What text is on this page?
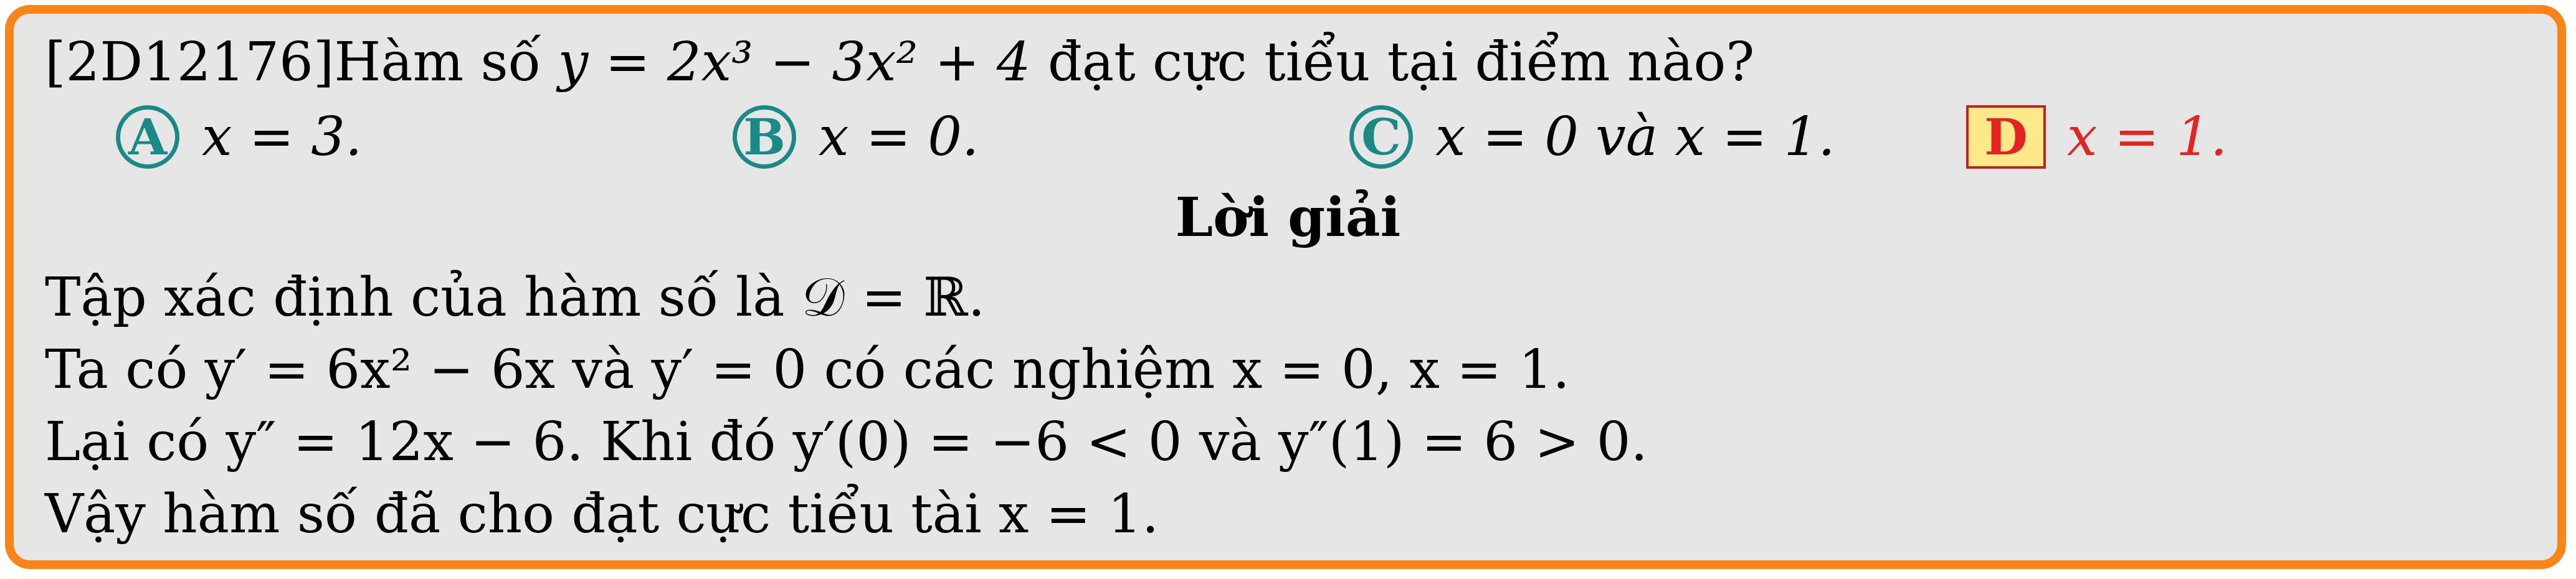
[2D12176]Hàm số y = 2x³ − 3x² + 4 đạt cực tiểu tại điểm nào?
A x = 3.	B x = 0.	C x = 0 và x = 1.	D x = 1.
Lời giải
Tập xác định của hàm số là 𝒟 = ℝ.
Ta có y′ = 6x² − 6x và y′ = 0 có các nghiệm x = 0, x = 1.
Lại có y″ = 12x − 6. Khi đó y′(0) = −6 < 0 và y″(1) = 6 > 0.
Vậy hàm số đã cho đạt cực tiểu tài x = 1.
